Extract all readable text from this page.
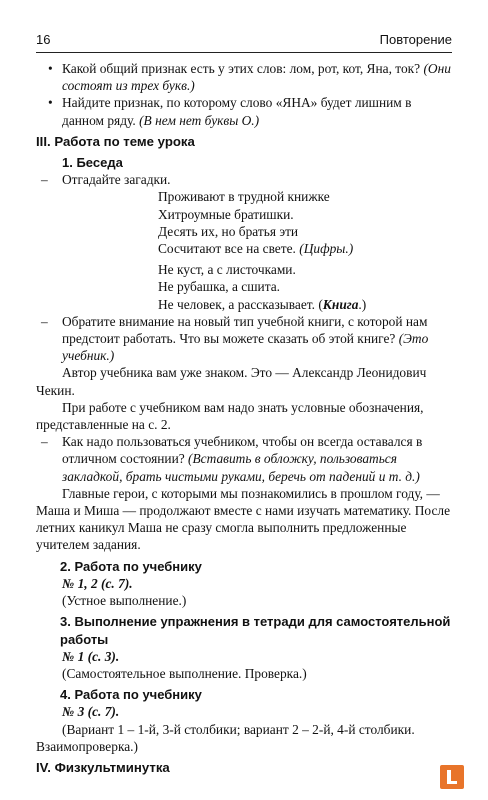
16	Повторение

• Какой общий признак есть у этих слов: лом, рот, кот, Яна, ток? (Они состоят из трех букв.)

• Найдите признак, по которому слово «ЯНА» будет лишним в данном ряду. (В нем нет буквы О.)

III. Работа по теме урока

1. Беседа

– Отгадайте загадки.

Проживают в трудной книжке

Хитроумные братишки.

Десять их, но братья эти

Сосчитают все на свете. (Цифры.)

Не куст, а с листочками.

Не рубашка, а сшита.

Не человек, а рассказывает. (Книга.)

– Обратите внимание на новый тип учебной книги, с которой нам предстоит работать. Что вы можете сказать об этой книге? (Это учебник.)

Автор учебника вам уже знаком. Это — Александр Леонидович Чекин.

При работе с учебником вам надо знать условные обозначения, представленные на с. 2.

– Как надо пользоваться учебником, чтобы он всегда оставался в отличном состоянии? (Вставить в обложку, пользоваться закладкой, брать чистыми руками, беречь от падений и т. д.)

Главные герои, с которыми мы познакомились в прошлом году, — Маша и Миша — продолжают вместе с нами изучать математику. После летних каникул Маша не сразу смогла выполнить предложенные учителем задания.

2. Работа по учебнику

№ 1, 2 (с. 7).

(Устное выполнение.)

3. Выполнение упражнения в тетради для самостоятельной работы

№ 1 (с. 3).

(Самостоятельное выполнение. Проверка.)

4. Работа по учебнику

№ 3 (с. 7).

(Вариант 1 – 1-й, 3-й столбики; вариант 2 – 2-й, 4-й столбики.

Взаимопроверка.)

IV. Физкультминутка
